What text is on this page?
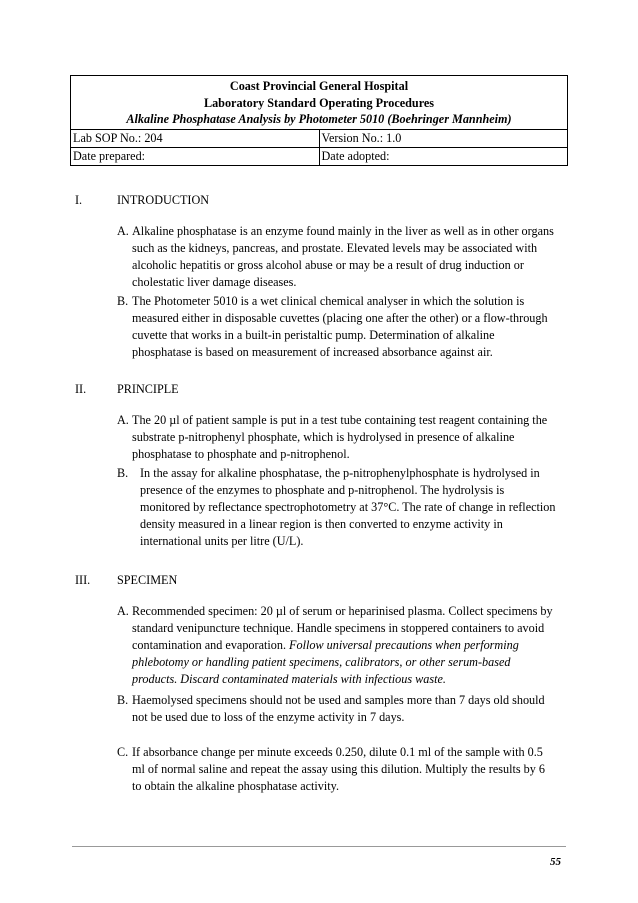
Coast Provincial General Hospital
Laboratory Standard Operating Procedures
Alkaline Phosphatase Analysis by Photometer 5010 (Boehringer Mannheim)	

Lab SOP No.: 204	Version No.: 1.0
Date prepared:	Date adopted:
I.	INTRODUCTION
A. Alkaline phosphatase is an enzyme found mainly in the liver as well as in other organs such as the kidneys, pancreas, and prostate. Elevated levels may be associated with alcoholic hepatitis or gross alcohol abuse or may be a result of drug induction or cholestatic liver damage diseases.
B. The Photometer 5010 is a wet clinical chemical analyser in which the solution is measured either in disposable cuvettes (placing one after the other) or a flow-through cuvette that works in a built-in peristaltic pump. Determination of alkaline phosphatase is based on measurement of increased absorbance against air.
II.	PRINCIPLE
A. The 20 µl of patient sample is put in a test tube containing test reagent containing the substrate p-nitrophenyl phosphate, which is hydrolysed in presence of alkaline phosphatase to phosphate and p-nitrophenol.
B. In the assay for alkaline phosphatase, the p-nitrophenylphosphate is hydrolysed in presence of the enzymes to phosphate and p-nitrophenol. The hydrolysis is monitored by reflectance spectrophotometry at 37°C. The rate of change in reflection density measured in a linear region is then converted to enzyme activity in international units per litre (U/L).
III. SPECIMEN
A. Recommended specimen: 20 µl of serum or heparinised plasma. Collect specimens by standard venipuncture technique. Handle specimens in stoppered containers to avoid contamination and evaporation. Follow universal precautions when performing phlebotomy or handling patient specimens, calibrators, or other serum-based products. Discard contaminated materials with infectious waste.
B. Haemolysed specimens should not be used and samples more than 7 days old should not be used due to loss of the enzyme activity in 7 days.
C. If absorbance change per minute exceeds 0.250, dilute 0.1 ml of the sample with 0.5 ml of normal saline and repeat the assay using this dilution. Multiply the results by 6 to obtain the alkaline phosphatase activity.
55
